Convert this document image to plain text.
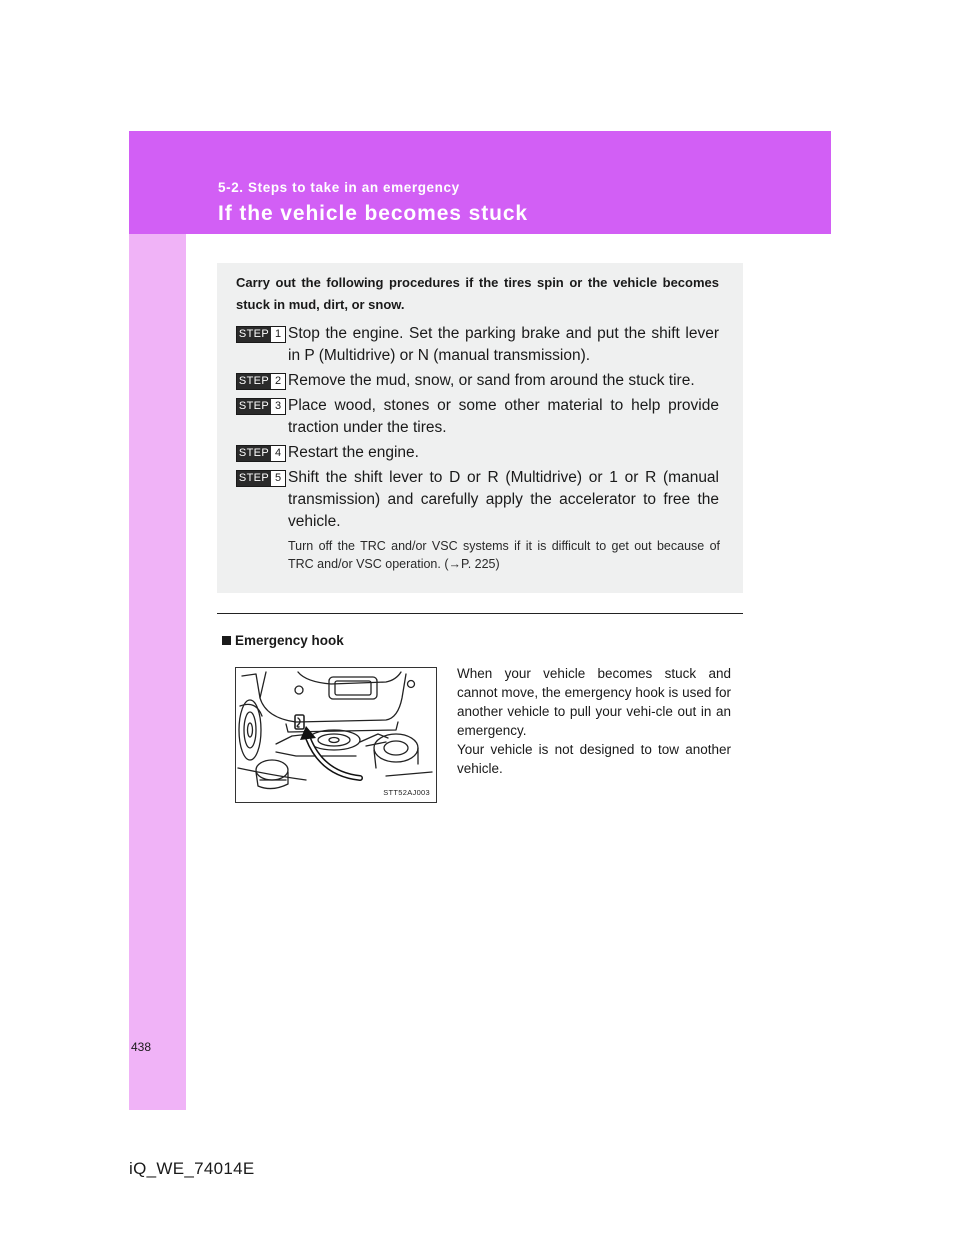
5-2. Steps to take in an emergency
If the vehicle becomes stuck
Carry out the following procedures if the tires spin or the vehicle becomes stuck in mud, dirt, or snow.
STEP 1 Stop the engine. Set the parking brake and put the shift lever in P (Multidrive) or N (manual transmission).
STEP 2 Remove the mud, snow, or sand from around the stuck tire.
STEP 3 Place wood, stones or some other material to help provide traction under the tires.
STEP 4 Restart the engine.
STEP 5 Shift the shift lever to D or R (Multidrive) or 1 or R (manual transmission) and carefully apply the accelerator to free the vehicle.
Turn off the TRC and/or VSC systems if it is difficult to get out because of TRC and/or VSC operation. (→P. 225)
Emergency hook
STT52AJ003
When your vehicle becomes stuck and cannot move, the emergency hook is used for another vehicle to pull your vehi-cle out in an emergency.
Your vehicle is not designed to tow another vehicle.
438
iQ_WE_74014E
